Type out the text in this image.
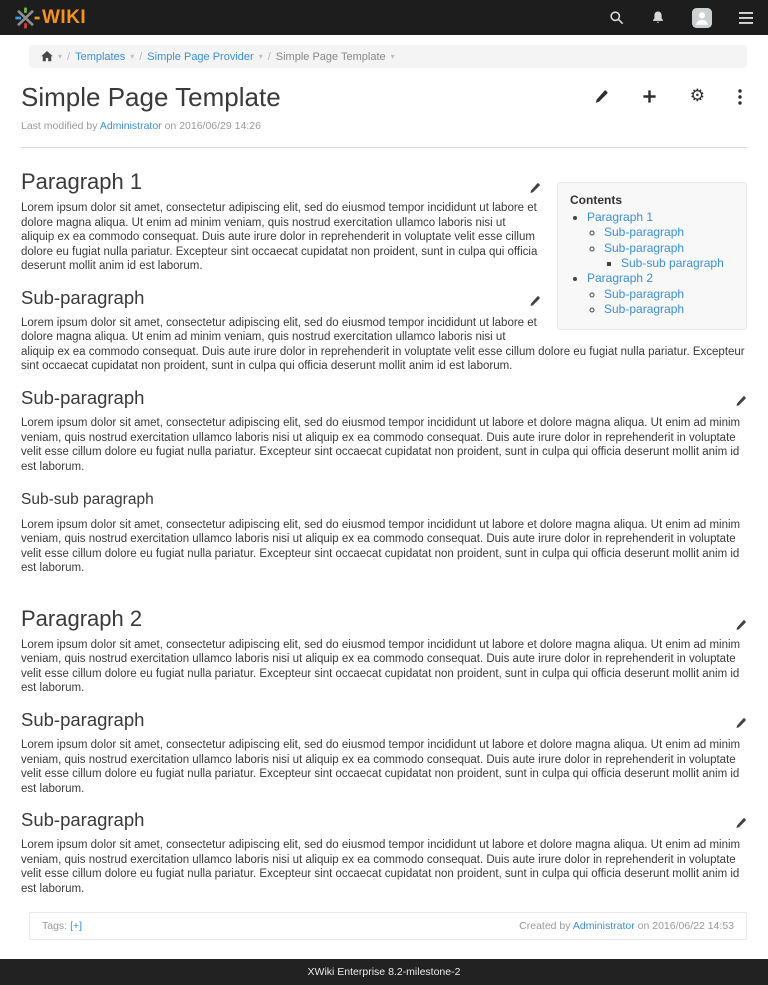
WIKI
▾ / Templates ▾ / Simple Page Provider ▾ / Simple Page Template ▾
Simple Page Template	⚙
Last modified by Administrator on 2016/06/29 14:26
Contents
• Paragraph 1
◦ Sub-paragraph
◦ Sub-paragraph
▪ Sub-sub paragraph
• Paragraph 2
◦ Sub-paragraph
◦ Sub-paragraph
Paragraph 1

Lorem ipsum dolor sit amet, consectetur adipiscing elit, sed do eiusmod tempor incididunt ut labore et dolore magna aliqua. Ut enim ad minim veniam, quis nostrud exercitation ullamco laboris nisi ut aliquip ex ea commodo consequat. Duis aute irure dolor in reprehenderit in voluptate velit esse cillum dolore eu fugiat nulla pariatur. Excepteur sint occaecat cupidatat non proident, sunt in culpa qui officia deserunt mollit anim id est laborum.

Sub-paragraph

Lorem ipsum dolor sit amet, consectetur adipiscing elit, sed do eiusmod tempor incididunt ut labore et dolore magna aliqua. Ut enim ad minim veniam, quis nostrud exercitation ullamco laboris nisi ut aliquip ex ea commodo consequat. Duis aute irure dolor in reprehenderit in voluptate velit esse cillum dolore eu fugiat nulla pariatur. Excepteur sint occaecat cupidatat non proident, sunt in culpa qui officia deserunt mollit anim id est laborum.

Sub-paragraph

Lorem ipsum dolor sit amet, consectetur adipiscing elit, sed do eiusmod tempor incididunt ut labore et dolore magna aliqua. Ut enim ad minim veniam, quis nostrud exercitation ullamco laboris nisi ut aliquip ex ea commodo consequat. Duis aute irure dolor in reprehenderit in voluptate velit esse cillum dolore eu fugiat nulla pariatur. Excepteur sint occaecat cupidatat non proident, sunt in culpa qui officia deserunt mollit anim id est laborum.

Sub-sub paragraph

Lorem ipsum dolor sit amet, consectetur adipiscing elit, sed do eiusmod tempor incididunt ut labore et dolore magna aliqua. Ut enim ad minim veniam, quis nostrud exercitation ullamco laboris nisi ut aliquip ex ea commodo consequat. Duis aute irure dolor in reprehenderit in voluptate velit esse cillum dolore eu fugiat nulla pariatur. Excepteur sint occaecat cupidatat non proident, sunt in culpa qui officia deserunt mollit anim id est laborum.

Paragraph 2

Lorem ipsum dolor sit amet, consectetur adipiscing elit, sed do eiusmod tempor incididunt ut labore et dolore magna aliqua. Ut enim ad minim veniam, quis nostrud exercitation ullamco laboris nisi ut aliquip ex ea commodo consequat. Duis aute irure dolor in reprehenderit in voluptate velit esse cillum dolore eu fugiat nulla pariatur. Excepteur sint occaecat cupidatat non proident, sunt in culpa qui officia deserunt mollit anim id est laborum.

Sub-paragraph

Lorem ipsum dolor sit amet, consectetur adipiscing elit, sed do eiusmod tempor incididunt ut labore et dolore magna aliqua. Ut enim ad minim veniam, quis nostrud exercitation ullamco laboris nisi ut aliquip ex ea commodo consequat. Duis aute irure dolor in reprehenderit in voluptate velit esse cillum dolore eu fugiat nulla pariatur. Excepteur sint occaecat cupidatat non proident, sunt in culpa qui officia deserunt mollit anim id est laborum.

Sub-paragraph

Lorem ipsum dolor sit amet, consectetur adipiscing elit, sed do eiusmod tempor incididunt ut labore et dolore magna aliqua. Ut enim ad minim veniam, quis nostrud exercitation ullamco laboris nisi ut aliquip ex ea commodo consequat. Duis aute irure dolor in reprehenderit in voluptate velit esse cillum dolore eu fugiat nulla pariatur. Excepteur sint occaecat cupidatat non proident, sunt in culpa qui officia deserunt mollit anim id est laborum.

Tags: [+]	Created by Administrator on 2016/06/22 14:53
XWiki Enterprise 8.2-milestone-2
